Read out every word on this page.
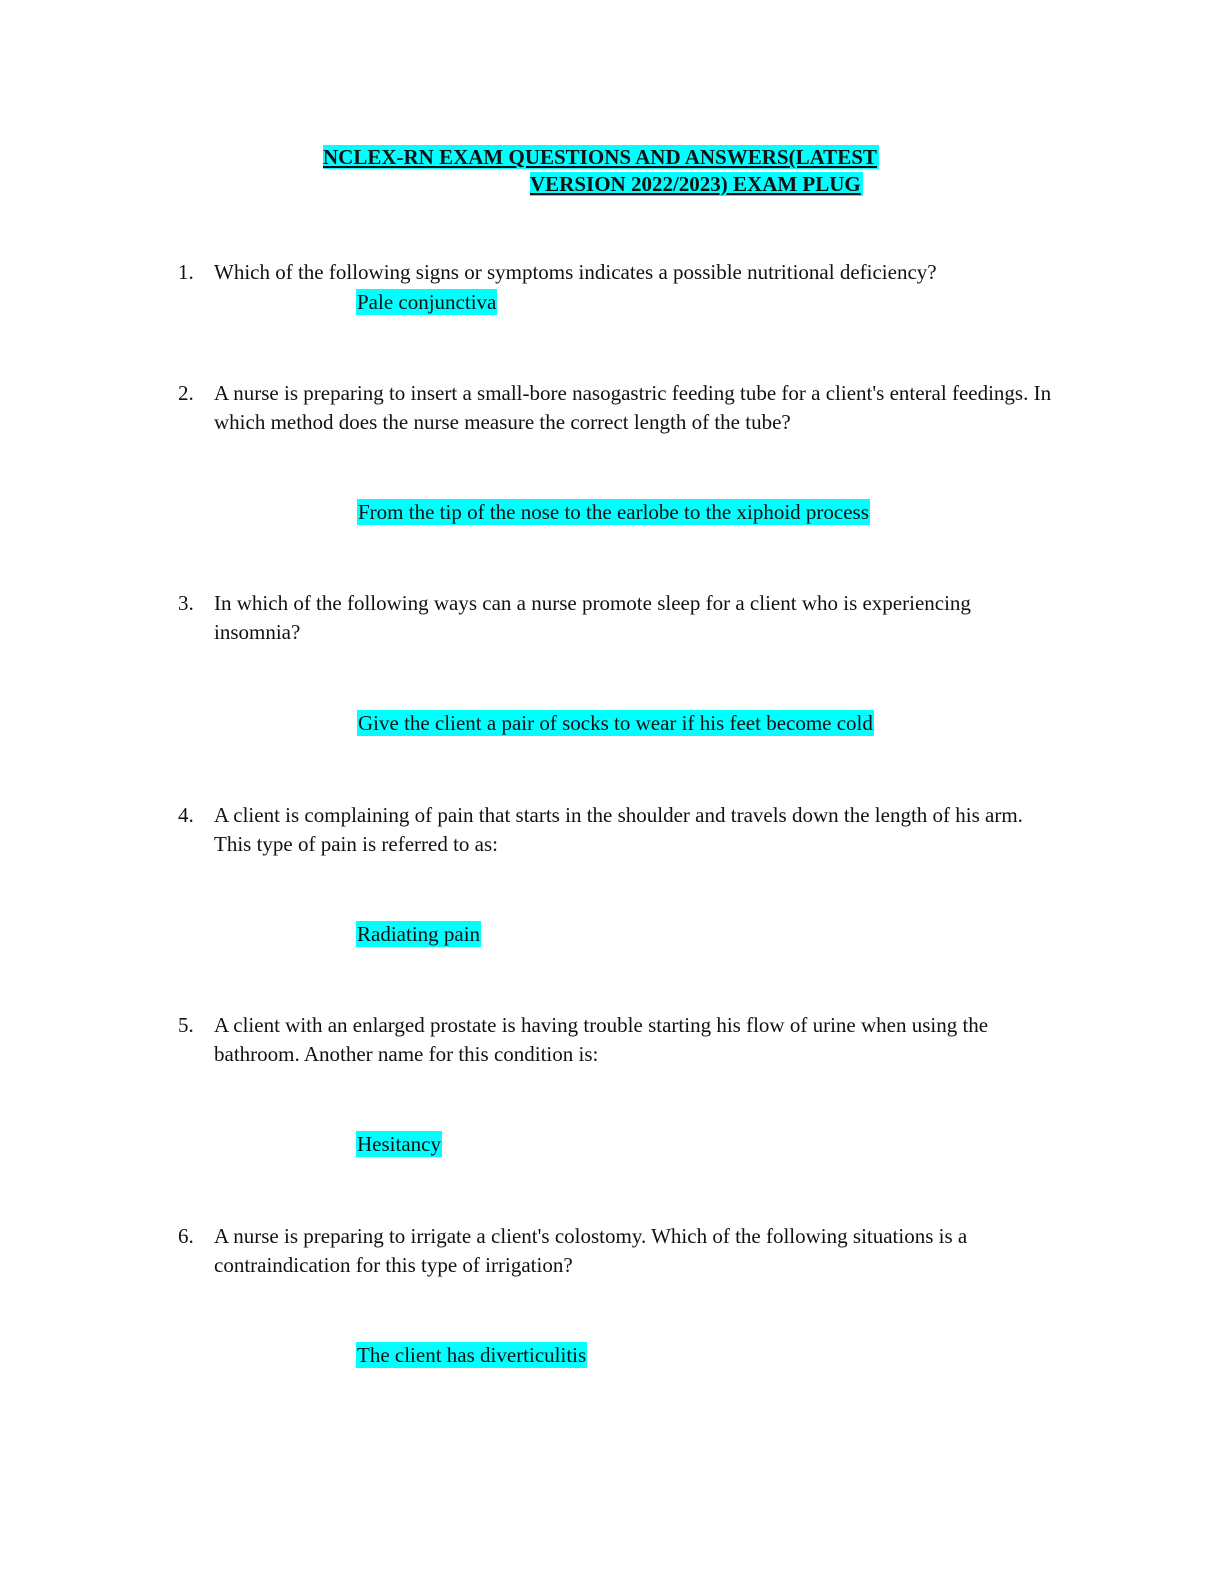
NCLEX-RN EXAM QUESTIONS AND ANSWERS(LATEST
VERSION 2022/2023) EXAM PLUG
1. Which of the following signs or symptoms indicates a possible nutritional deficiency?
Pale conjunctiva
2. A nurse is preparing to insert a small-bore nasogastric feeding tube for a client's enteral feedings. In which method does the nurse measure the correct length of the tube?
From the tip of the nose to the earlobe to the xiphoid process
3. In which of the following ways can a nurse promote sleep for a client who is experiencing insomnia?
Give the client a pair of socks to wear if his feet become cold
4. A client is complaining of pain that starts in the shoulder and travels down the length of his arm. This type of pain is referred to as:
Radiating pain
5. A client with an enlarged prostate is having trouble starting his flow of urine when using the bathroom. Another name for this condition is:
Hesitancy
6. A nurse is preparing to irrigate a client's colostomy. Which of the following situations is a contraindication for this type of irrigation?
The client has diverticulitis
